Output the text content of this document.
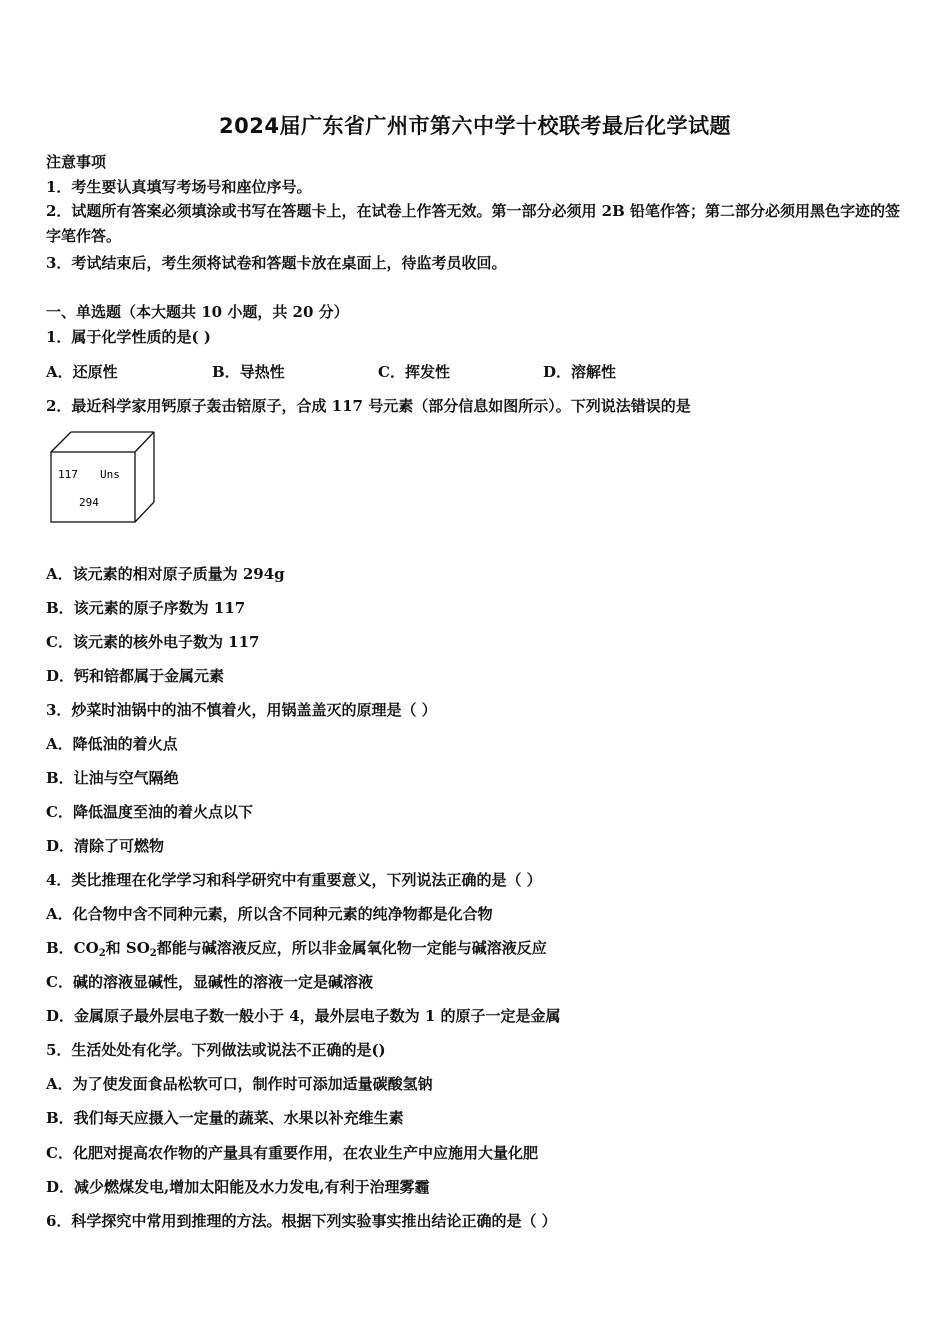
2024届广东省广州市第六中学十校联考最后化学试题
注意事项
1．考生要认真填写考场号和座位序号。
2．试题所有答案必须填涂或书写在答题卡上，在试卷上作答无效。第一部分必须用 2B 铅笔作答；第二部分必须用黑色字迹的签字笔作答。
3．考试结束后，考生须将试卷和答题卡放在桌面上，待监考员收回。
一、单选题（本大题共 10 小题，共 20 分）
1．属于化学性质的是( )
A．还原性	B．导热性	C．挥发性	D．溶解性
2．最近科学家用钙原子轰击锫原子，合成 117 号元素（部分信息如图所示）。下列说法错误的是
117 Uns
294
A．该元素的相对原子质量为 294g
B．该元素的原子序数为 117
C．该元素的核外电子数为 117
D．钙和锫都属于金属元素
3．炒菜时油锅中的油不慎着火，用锅盖盖灭的原理是（ ）
A．降低油的着火点
B．让油与空气隔绝
C．降低温度至油的着火点以下
D．清除了可燃物
4．类比推理在化学学习和科学研究中有重要意义，下列说法正确的是（ ）
A．化合物中含不同种元素，所以含不同种元素的纯净物都是化合物
B．$CO_2$和 $SO_2$都能与碱溶液反应，所以非金属氧化物一定能与碱溶液反应
C．碱的溶液显碱性，显碱性的溶液一定是碱溶液
D．金属原子最外层电子数一般小于 4，最外层电子数为 1 的原子一定是金属
5．生活处处有化学。下列做法或说法不正确的是()
A．为了使发面食品松软可口，制作时可添加适量碳酸氢钠
B．我们每天应摄入一定量的蔬菜、水果以补充维生素
C．化肥对提高农作物的产量具有重要作用，在农业生产中应施用大量化肥
D．减少燃煤发电,增加太阳能及水力发电,有利于治理雾霾
6．科学探究中常用到推理的方法。根据下列实验事实推出结论正确的是（ ）
